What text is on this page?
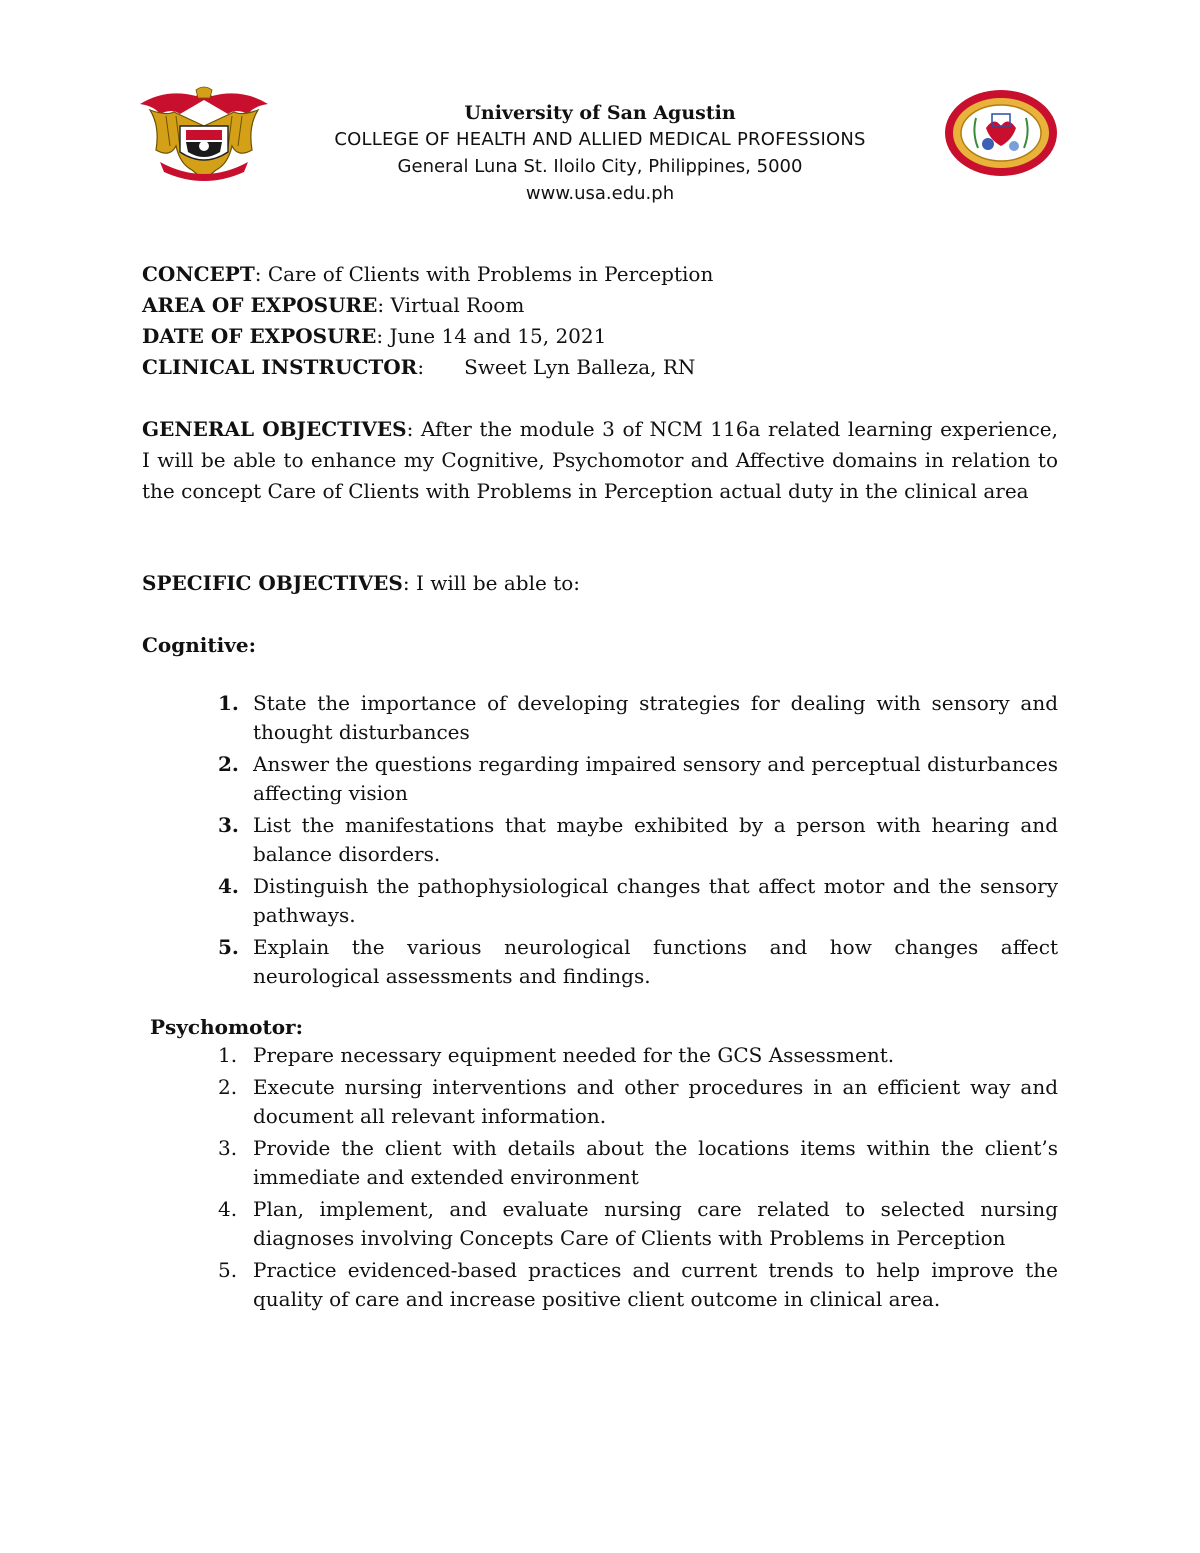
University of San Agustin
COLLEGE OF HEALTH AND ALLIED MEDICAL PROFESSIONS
General Luna St. Iloilo City, Philippines, 5000
www.usa.edu.ph
CONCEPT: Care of Clients with Problems in Perception
AREA OF EXPOSURE: Virtual Room
DATE OF EXPOSURE: June 14 and 15, 2021
CLINICAL INSTRUCTOR: Sweet Lyn Balleza, RN
GENERAL OBJECTIVES: After the module 3 of NCM 116a related learning experience, I will be able to enhance my Cognitive, Psychomotor and Affective domains in relation to the concept Care of Clients with Problems in Perception actual duty in the clinical area
SPECIFIC OBJECTIVES: I will be able to:
Cognitive:
1. State the importance of developing strategies for dealing with sensory and thought disturbances
2. Answer the questions regarding impaired sensory and perceptual disturbances affecting vision
3. List the manifestations that maybe exhibited by a person with hearing and balance disorders.
4. Distinguish the pathophysiological changes that affect motor and the sensory pathways.
5. Explain the various neurological functions and how changes affect neurological assessments and findings.
Psychomotor:
1. Prepare necessary equipment needed for the GCS Assessment.
2. Execute nursing interventions and other procedures in an efficient way and document all relevant information.
3. Provide the client with details about the locations items within the client’s immediate and extended environment
4. Plan, implement, and evaluate nursing care related to selected nursing diagnoses involving Concepts Care of Clients with Problems in Perception
5. Practice evidenced-based practices and current trends to help improve the quality of care and increase positive client outcome in clinical area.
